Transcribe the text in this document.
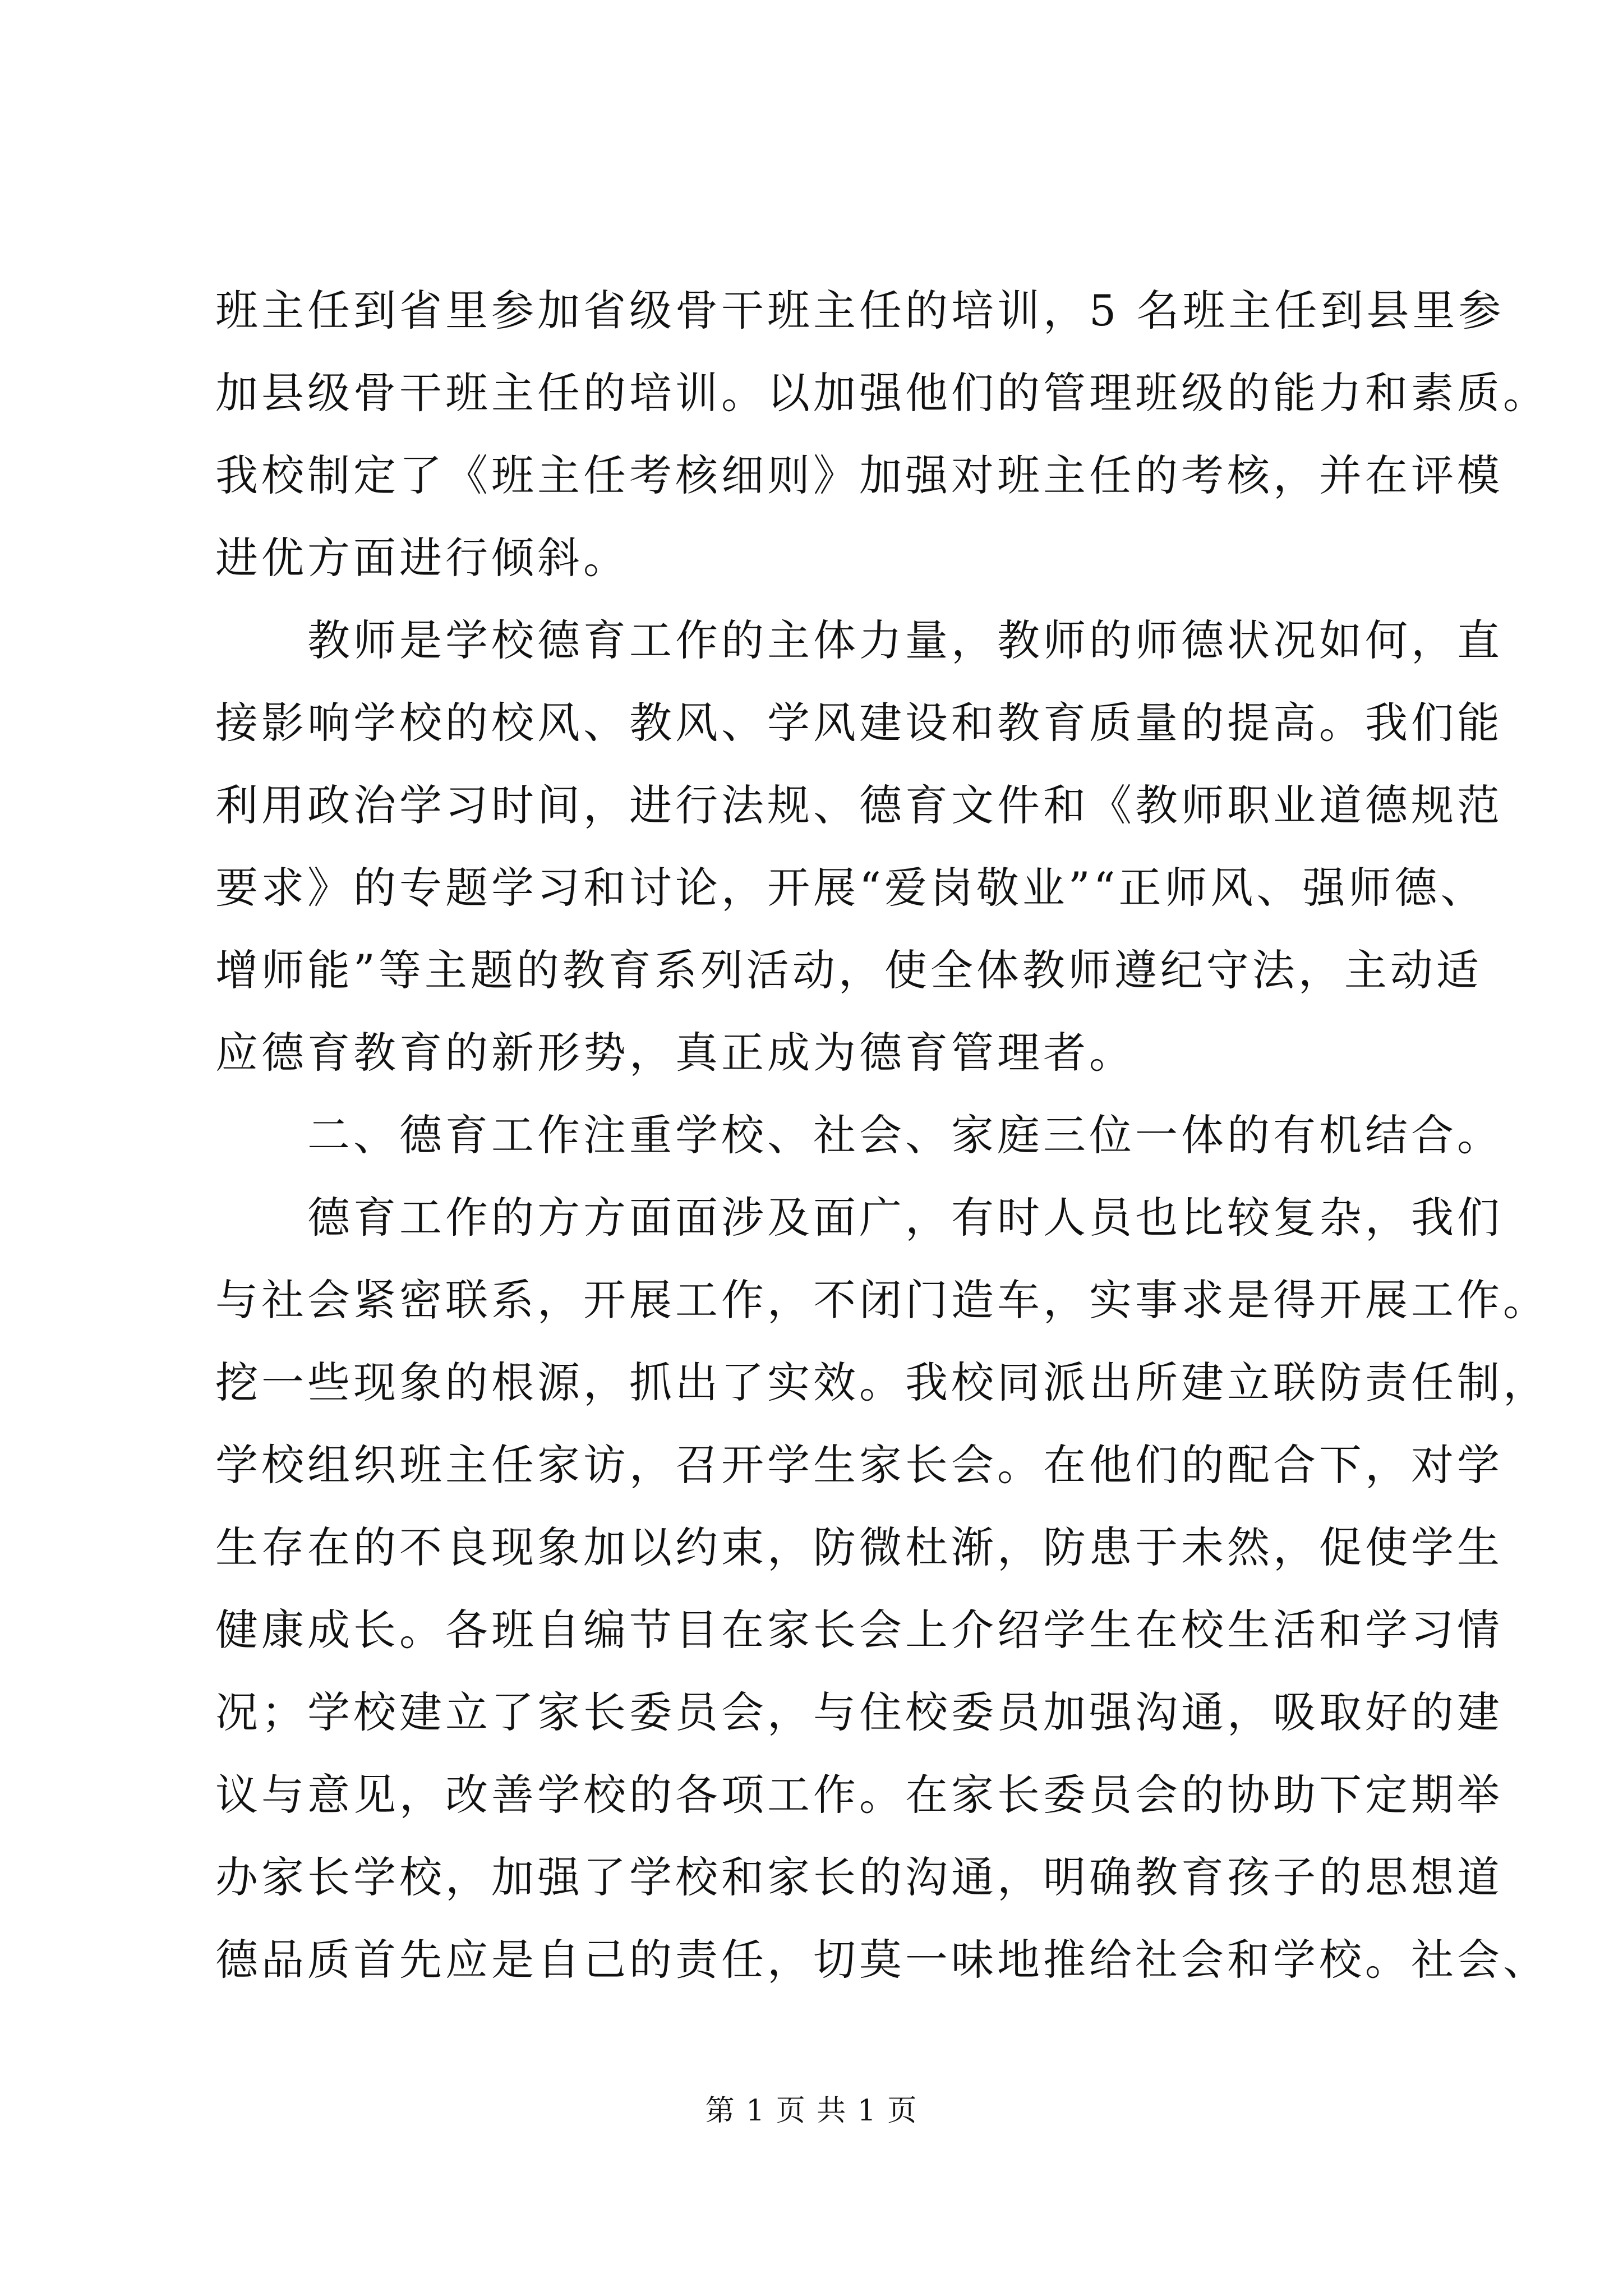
班主任到省里参加省级骨干班主任的培训，5 名班主任到县里参

加县级骨干班主任的培训。以加强他们的管理班级的能力和素质。

我校制定了《班主任考核细则》加强对班主任的考核，并在评模

进优方面进行倾斜。

　　教师是学校德育工作的主体力量，教师的师德状况如何，直

接影响学校的校风、教风、学风建设和教育质量的提高。我们能

利用政治学习时间，进行法规、德育文件和《教师职业道德规范

要求》的专题学习和讨论，开展“爱岗敬业”“正师风、强师德、

增师能”等主题的教育系列活动，使全体教师遵纪守法，主动适

应德育教育的新形势，真正成为德育管理者。

　　二、德育工作注重学校、社会、家庭三位一体的有机结合。

　　德育工作的方方面面涉及面广，有时人员也比较复杂，我们

与社会紧密联系，开展工作，不闭门造车，实事求是得开展工作。

挖一些现象的根源，抓出了实效。我校同派出所建立联防责任制，

学校组织班主任家访，召开学生家长会。在他们的配合下，对学

生存在的不良现象加以约束，防微杜渐，防患于未然，促使学生

健康成长。各班自编节目在家长会上介绍学生在校生活和学习情

况；学校建立了家长委员会，与住校委员加强沟通，吸取好的建

议与意见，改善学校的各项工作。在家长委员会的协助下定期举

办家长学校，加强了学校和家长的沟通，明确教育孩子的思想道

德品质首先应是自己的责任，切莫一味地推给社会和学校。社会、

第 1 页 共 1 页
